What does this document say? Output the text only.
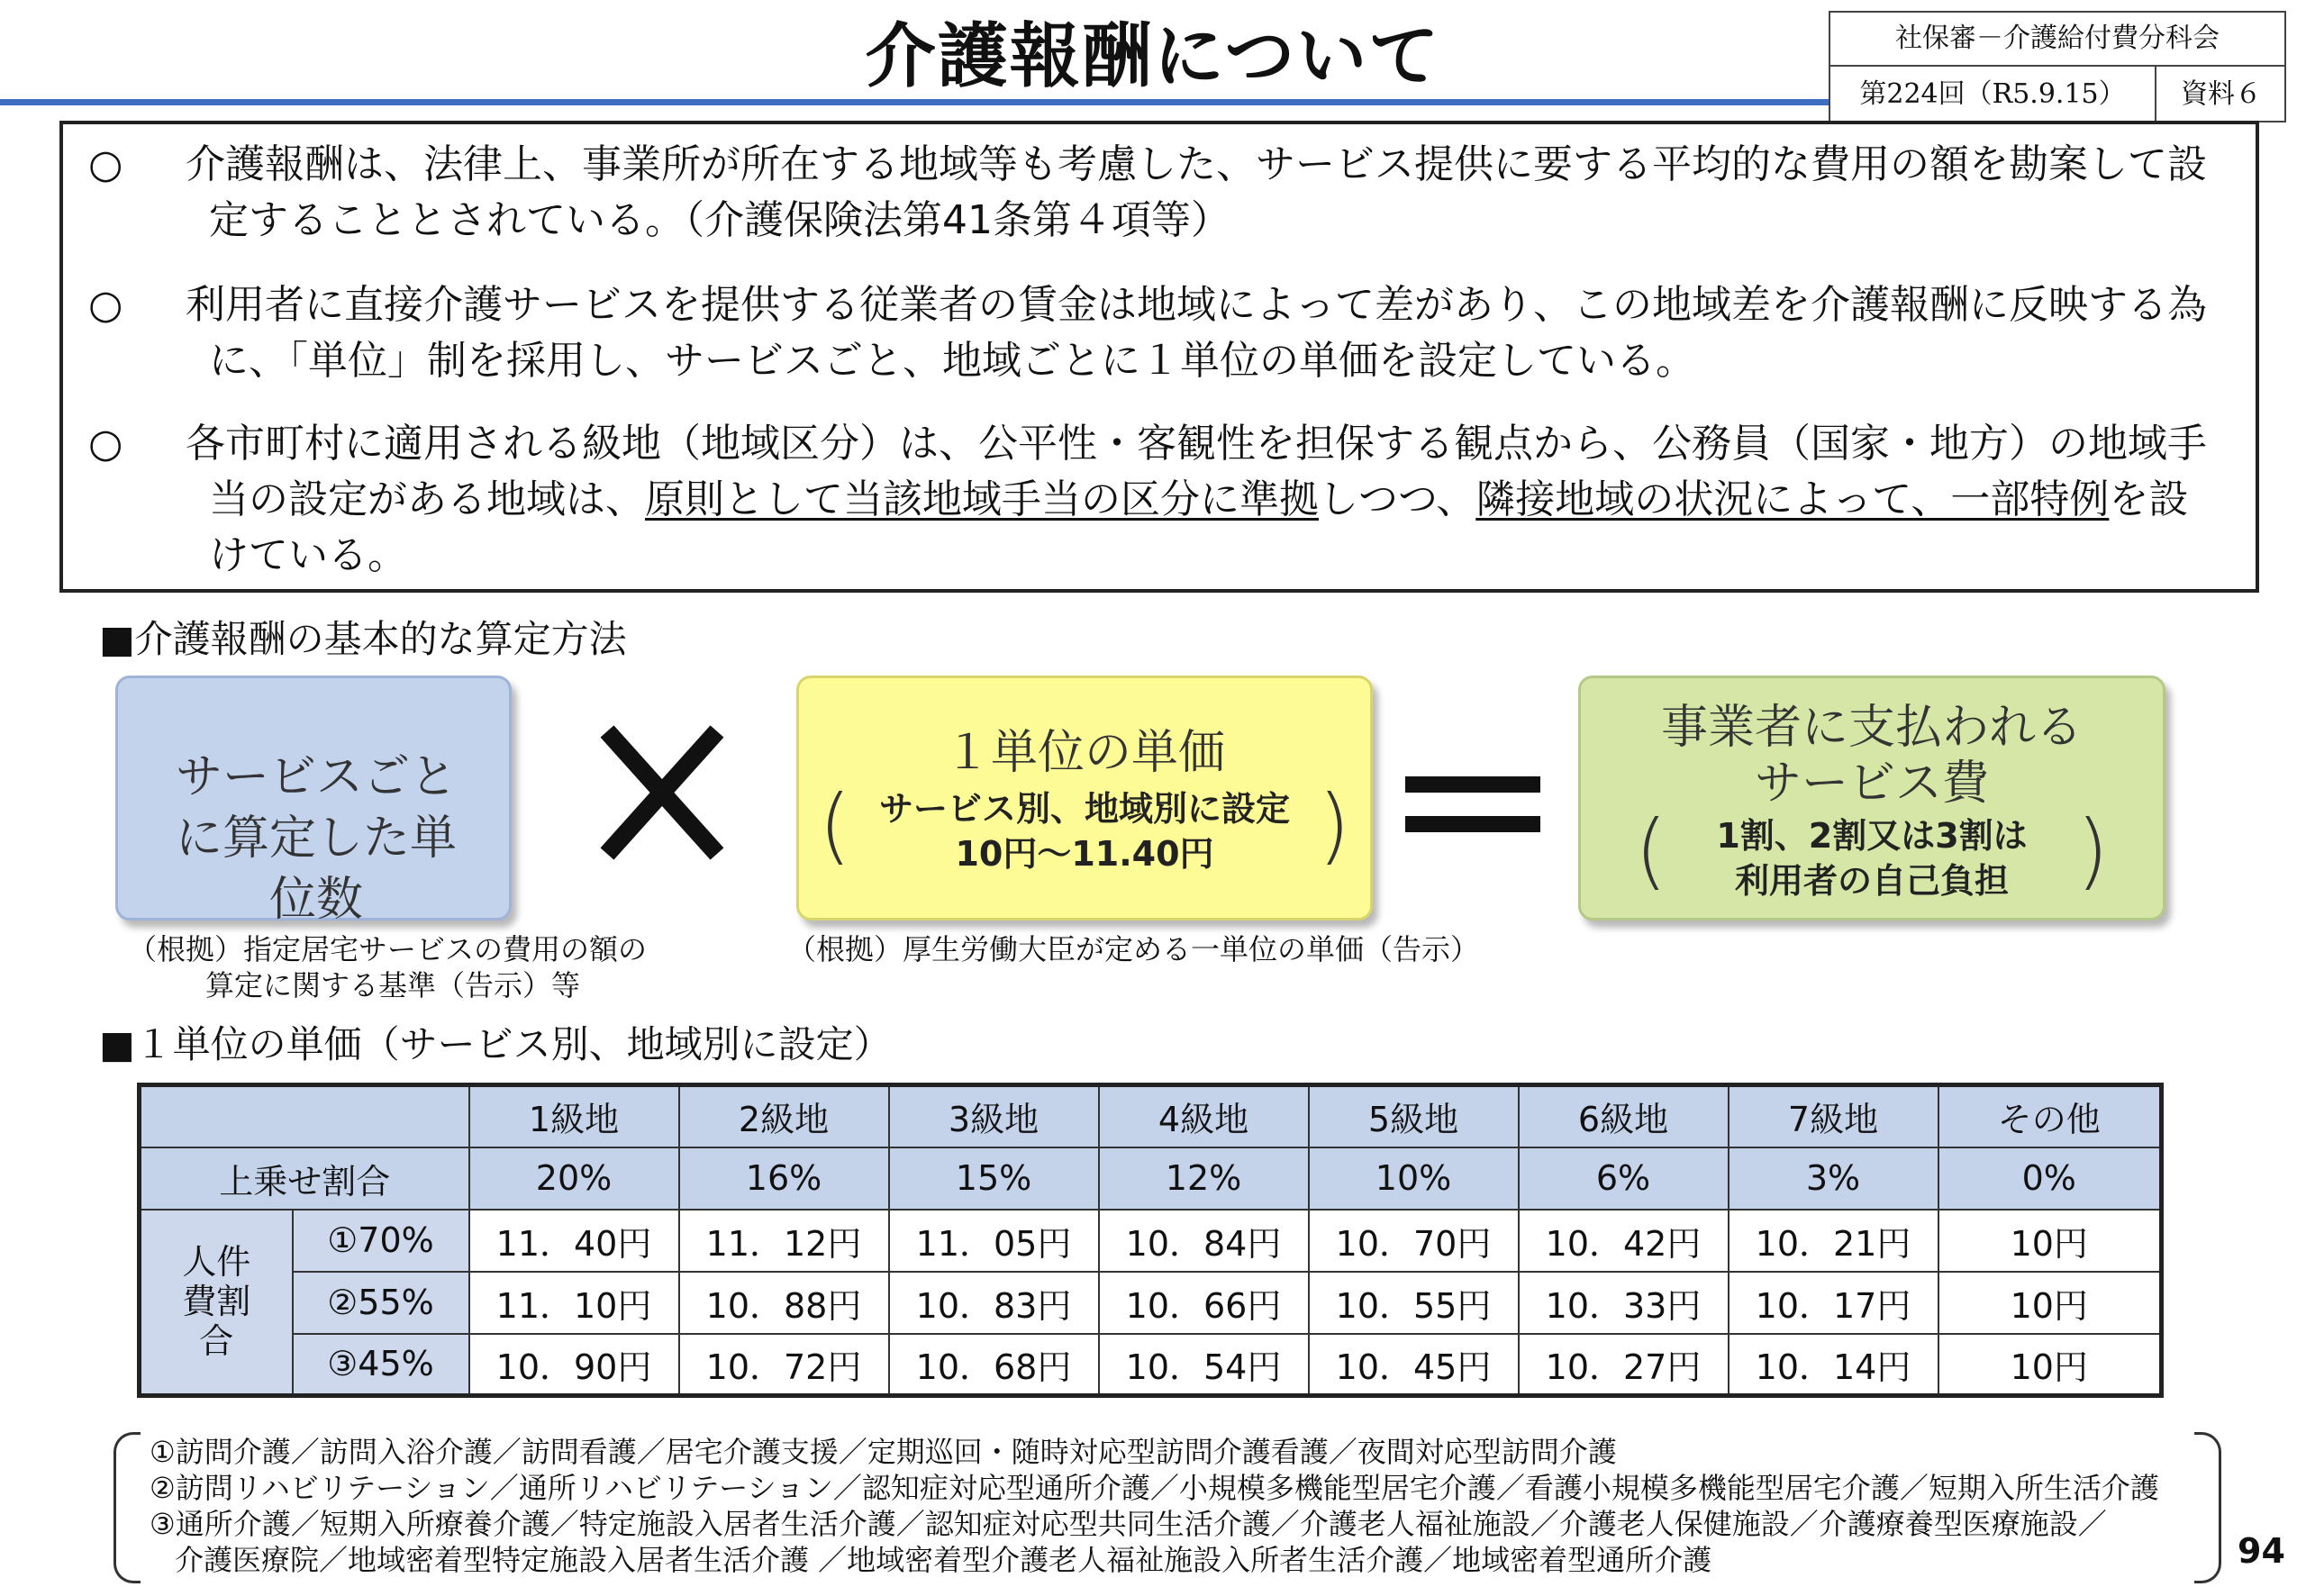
介護報酬について	社保審－介護給付費分科会
第224回（R5.9.15）	資料６
○	介護報酬は、法律上、事業所が所在する地域等も考慮した、サービス提供に要する平均的な費用の額を勘案して設定することとされている。（介護保険法第41条第４項等）
○	利用者に直接介護サービスを提供する従業者の賃金は地域によって差があり、この地域差を介護報酬に反映する為に、「単位」制を採用し、サービスごと、地域ごとに１単位の単価を設定している。
○	各市町村に適用される級地（地域区分）は、公平性・客観性を担保する観点から、公務員（国家・地方）の地域手当の設定がある地域は、原則として当該地域手当の区分に準拠しつつ、隣接地域の状況によって、一部特例を設けている。
■介護報酬の基本的な算定方法
サービスごとに算定した単位数
１単位の単価
( サービス別、地域別に設定
10円～11.40円	)
事業者に支払われる
サービス費
(	1割、2割又は3割は
利用者の自己負担 )
（根拠）指定居宅サービスの費用の額の
算定に関する基準（告示）等
（根拠）厚生労働大臣が定める一単位の単価（告示）
■１単位の単価（サービス別、地域別に設定）
		1級地	2級地	3級地	4級地	5級地	6級地	7級地	その他
上乗せ割合		20%	16%	15%	12%	10%	6%	3%	0%
人件費割合	①70%	11．40円	11．12円	11．05円	10．84円	10．70円	10．42円	10．21円	10円
	②55%	11．10円	10．88円	10．83円	10．66円	10．55円	10．33円	10．17円	10円
	③45%	10．90円	10．72円	10．68円	10．54円	10．45円	10．27円	10．14円	10円
①訪問介護／訪問入浴介護／訪問看護／居宅介護支援／定期巡回・随時対応型訪問介護看護／夜間対応型訪問介護
②訪問リハビリテーション／通所リハビリテーション／認知症対応型通所介護／小規模多機能型居宅介護／看護小規模多機能型居宅介護／短期入所生活介護
③通所介護／短期入所療養介護／特定施設入居者生活介護／認知症対応型共同生活介護／介護老人福祉施設／介護老人保健施設／介護療養型医療施設／
介護医療院／地域密着型特定施設入居者生活介護 ／地域密着型介護老人福祉施設入所者生活介護／地域密着型通所介護	94
